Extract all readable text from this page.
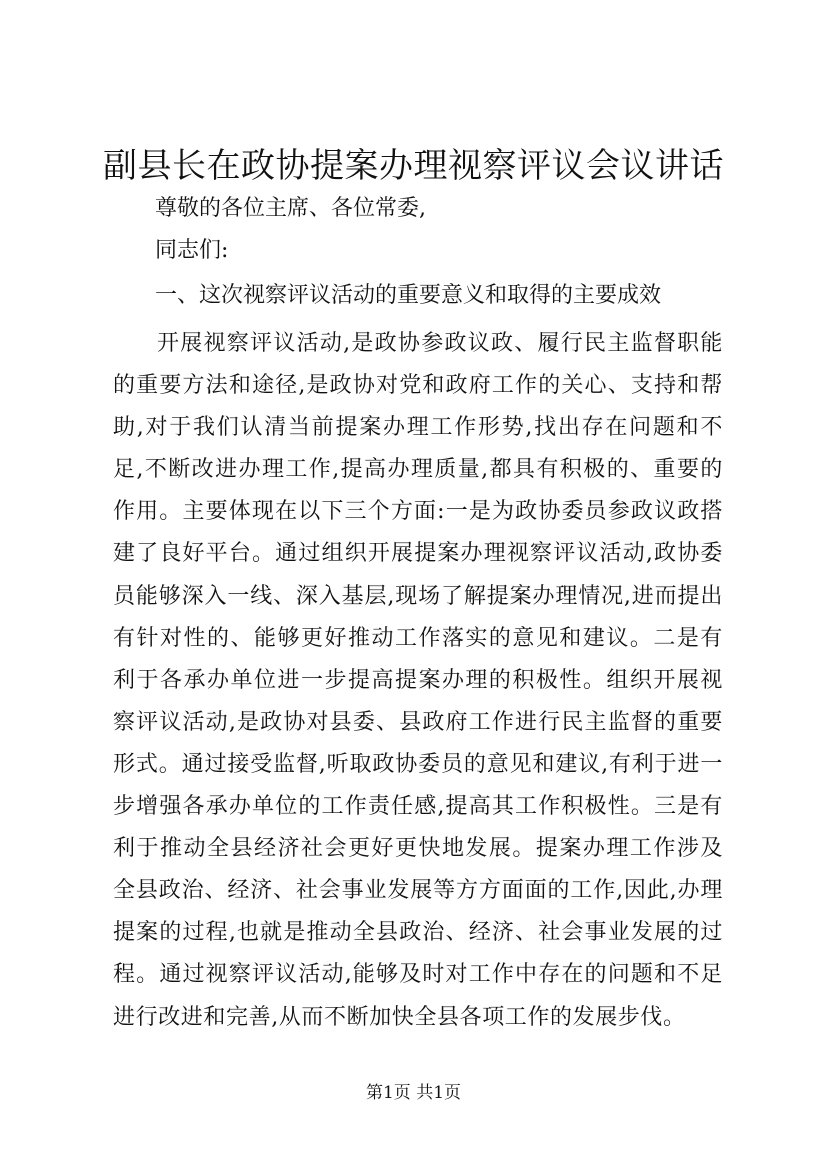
副县长在政协提案办理视察评议会议讲话

尊敬的各位主席、各位常委,

同志们:

一、这次视察评议活动的重要意义和取得的主要成效

开展视察评议活动,是政协参政议政、履行民主监督职能的重要方法和途径,是政协对党和政府工作的关心、支持和帮助,对于我们认清当前提案办理工作形势,找出存在问题和不足,不断改进办理工作,提高办理质量,都具有积极的、重要的作用。主要体现在以下三个方面:一是为政协委员参政议政搭建了良好平台。通过组织开展提案办理视察评议活动,政协委员能够深入一线、深入基层,现场了解提案办理情况,进而提出有针对性的、能够更好推动工作落实的意见和建议。二是有利于各承办单位进一步提高提案办理的积极性。组织开展视察评议活动,是政协对县委、县政府工作进行民主监督的重要形式。通过接受监督,听取政协委员的意见和建议,有利于进一步增强各承办单位的工作责任感,提高其工作积极性。三是有利于推动全县经济社会更好更快地发展。提案办理工作涉及全县政治、经济、社会事业发展等方方面面的工作,因此,办理提案的过程,也就是推动全县政治、经济、社会事业发展的过程。通过视察评议活动,能够及时对工作中存在的问题和不足进行改进和完善,从而不断加快全县各项工作的发展步伐。

第1页 共1页
